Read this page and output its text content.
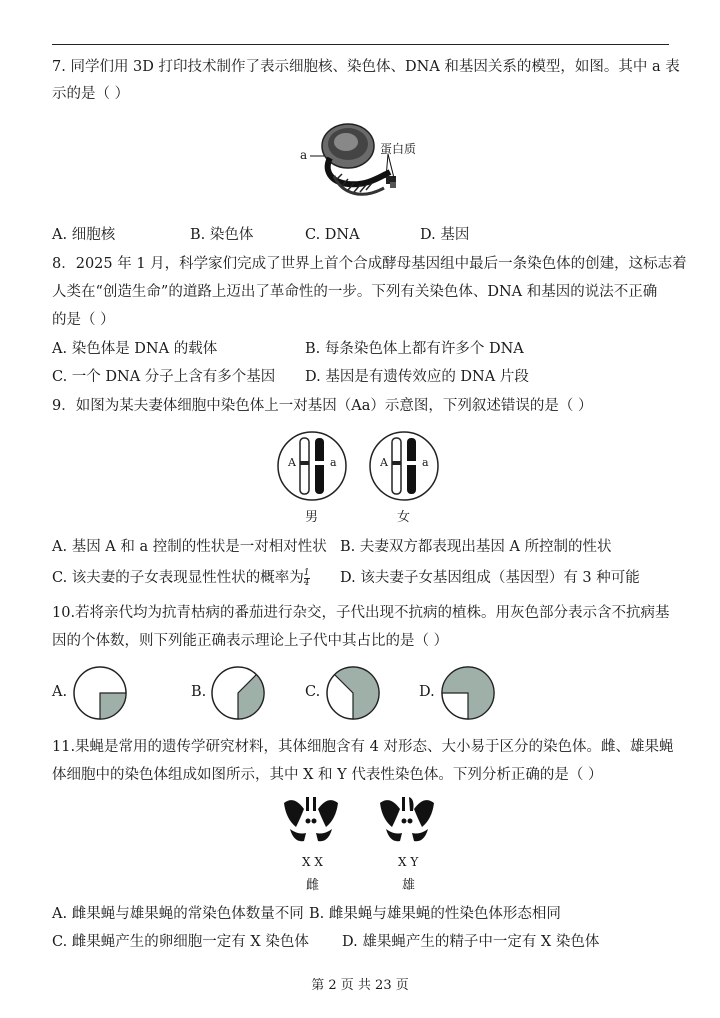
7. 同学们用 3D 打印技术制作了表示细胞核、染色体、DNA 和基因关系的模型，如图。其中 a 表
示的是（ ）
a	蛋白质
A. 细胞核	B. 染色体	C. DNA	D. 基因
8．2025 年 1 月，科学家们完成了世界上首个合成酵母基因组中最后一条染色体的创建，这标志着
人类在“创造生命”的道路上迈出了革命性的一步。下列有关染色体、DNA 和基因的说法不正确
的是（ ）
A. 染色体是 DNA 的载体	B. 每条染色体上都有许多个 DNA
C. 一个 DNA 分子上含有多个基因 D. 基因是有遗传效应的 DNA 片段
9．如图为某夫妻体细胞中染色体上一对基因（Aa）示意图，下列叙述错误的是（ ）
A	a	A	a
男	女
A. 基因 A 和 a 控制的性状是一对相对性状 B. 夫妻双方都表现出基因 A 所控制的性状
C. 该夫妻的子女表现显性性状的概率为 $\frac{1}{4} D$. 该夫妻子女基因组成（基因型）有 3 种可能
10.若将亲代均为抗青枯病的番茄进行杂交，子代出现不抗病的植株。用灰色部分表示含不抗病基
因的个体数，则下列能正确表示理论上子代中其占比的是（ ）
A.	B.	C.	D.
11.果蝇是常用的遗传学研究材料，其体细胞含有 4 对形态、大小易于区分的染色体。雌、雄果蝇
体细胞中的染色体组成如图所示，其中 X 和 Y 代表性染色体。下列分析正确的是（ ）
X X	X Y
雌	雄
A. 雌果蝇与雄果蝇的常染色体数量不同 B. 雌果蝇与雄果蝇的性染色体形态相同
C. 雌果蝇产生的卵细胞一定有 X 染色体 D. 雄果蝇产生的精子中一定有 X 染色体
第 2 页 共 23 页
